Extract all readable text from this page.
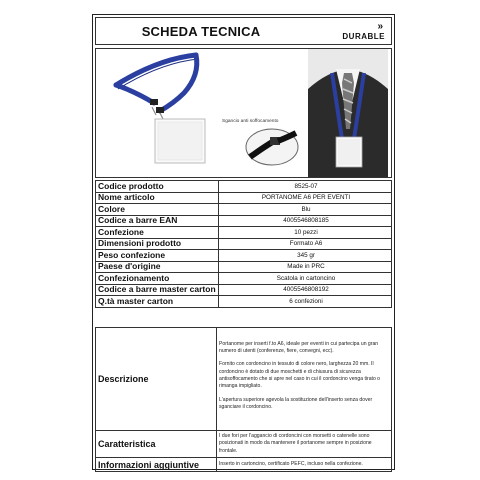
SCHEDA TECNICA	»
DURABLE
Sgancio anti soffocamento
Codice prodotto	8525-07
Nome articolo	PORTANOME A6 PER EVENTI
Colore	Blu
Codice a barre EAN	4005546808185
Confezione	10 pezzi
Dimensioni prodotto	Formato A6
Peso confezione	345 gr
Paese d'origine	Made in PRC
Confezionamento	Scatola in cartoncino
Codice a barre master carton	4005546808192
Q.tà master carton	6 confezioni
Descrizione	Portanome per inserti f.to A6, ideale per eventi in cui partecipa un gran numero di utenti (conferenze, fiere, convegni, ecc).

Fornito con cordoncino in tessuto di colore nero, larghezza 20 mm. Il cordoncino è dotato di due moschetti e di chiusura di sicurezza antisoffocamento che si apre nel caso in cui il cordoncino venga tirato o rimanga impigliato.

L'apertura superiore agevola la sostituzione dell'inserto senza dover sganciare il cordoncino.

Caratteristica	I due fori per l'aggancio di cordoncini con morsetti o catenelle sono posizionati in modo da mantenere il portanome sempre in posizione frontale.

Informazioni aggiuntive	Inserto in cartoncino, certificato PEFC, incluso nella confezione.
